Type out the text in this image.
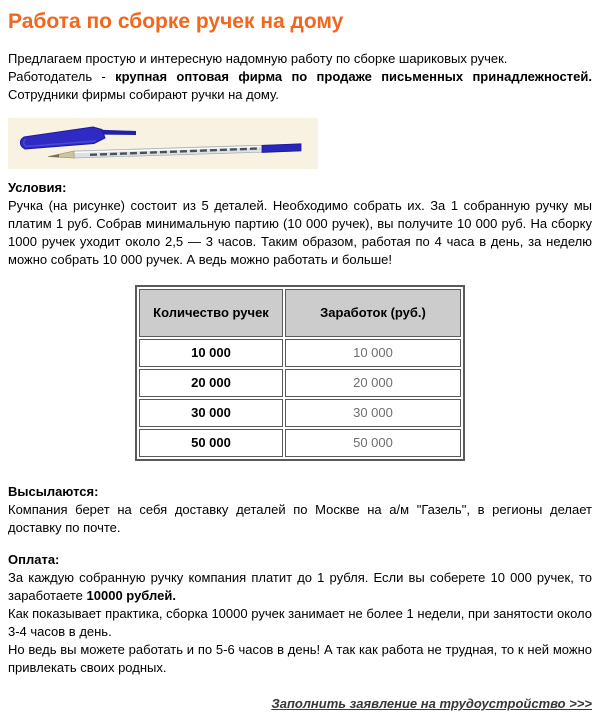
Работа по сборке ручек на дому

Предлагаем простую и интересную надомную работу по сборке шариковых ручек.
Работодатель - крупная оптовая фирма по продаже письменных принадлежностей. Сотрудники фирмы собирают ручки на дому.

Условия:
Ручка (на рисунке) состоит из 5 деталей. Необходимо собрать их. За 1 собранную ручку мы платим 1 руб. Собрав минимальную партию (10 000 ручек), вы получите 10 000 руб. На сборку 1000 ручек уходит около 2,5 — 3 часов. Таким образом, работая по 4 часа в день, за неделю можно собрать 10 000 ручек. А ведь можно работать и больше!

Количество ручек	Заработок (руб.)
10 000	10 000
20 000	20 000
30 000	30 000
50 000	50 000

Высылаются:
Компания берет на себя доставку деталей по Москве на а/м "Газель", в регионы делает доставку по почте.

Оплата:
За каждую собранную ручку компания платит до 1 рубля. Если вы соберете 10 000 ручек, то заработаете 10000 рублей.
Как показывает практика, сборка 10000 ручек занимает не более 1 недели, при занятости около 3-4 часов в день.
Но ведь вы можете работать и по 5-6 часов в день! А так как работа не трудная, то к ней можно привлекать своих родных.

Заполнить заявление на трудоустройство >>>
